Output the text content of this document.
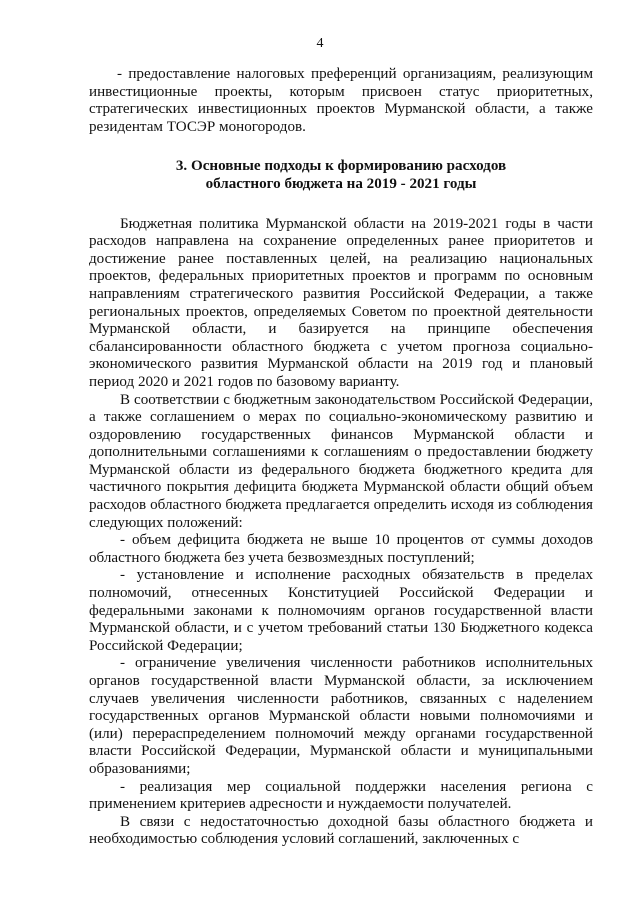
4

- предоставление налоговых преференций организациям, реализующим инвестиционные проекты, которым присвоен статус приоритетных, стратегических инвестиционных проектов Мурманской области, а также резидентам ТОСЭР моногородов.

3. Основные подходы к формированию расходов
областного бюджета на 2019 - 2021 годы

Бюджетная политика Мурманской области на 2019-2021 годы в части расходов направлена на сохранение определенных ранее приоритетов и достижение ранее поставленных целей, на реализацию национальных проектов, федеральных приоритетных проектов и программ по основным направлениям стратегического развития Российской Федерации, а также региональных проектов, определяемых Советом по проектной деятельности Мурманской области, и базируется на принципе обеспечения сбалансированности областного бюджета с учетом прогноза социально-экономического развития Мурманской области на 2019 год и плановый период 2020 и 2021 годов по базовому варианту.

В соответствии с бюджетным законодательством Российской Федерации, а также соглашением о мерах по социально-экономическому развитию и оздоровлению государственных финансов Мурманской области и дополнительными соглашениями к соглашениям о предоставлении бюджету Мурманской области из федерального бюджета бюджетного кредита для частичного покрытия дефицита бюджета Мурманской области общий объем расходов областного бюджета предлагается определить исходя из соблюдения следующих положений:

- объем дефицита бюджета не выше 10 процентов от суммы доходов областного бюджета без учета безвозмездных поступлений;

- установление и исполнение расходных обязательств в пределах полномочий, отнесенных Конституцией Российской Федерации и федеральными законами к полномочиям органов государственной власти Мурманской области, и с учетом требований статьи 130 Бюджетного кодекса Российской Федерации;

- ограничение увеличения численности работников исполнительных органов государственной власти Мурманской области, за исключением случаев увеличения численности работников, связанных с наделением государственных органов Мурманской области новыми полномочиями и (или) перераспределением полномочий между органами государственной власти Российской Федерации, Мурманской области и муниципальными образованиями;

- реализация мер социальной поддержки населения региона с применением критериев адресности и нуждаемости получателей.

В связи с недостаточностью доходной базы областного бюджета и необходимостью соблюдения условий соглашений, заключенных с
